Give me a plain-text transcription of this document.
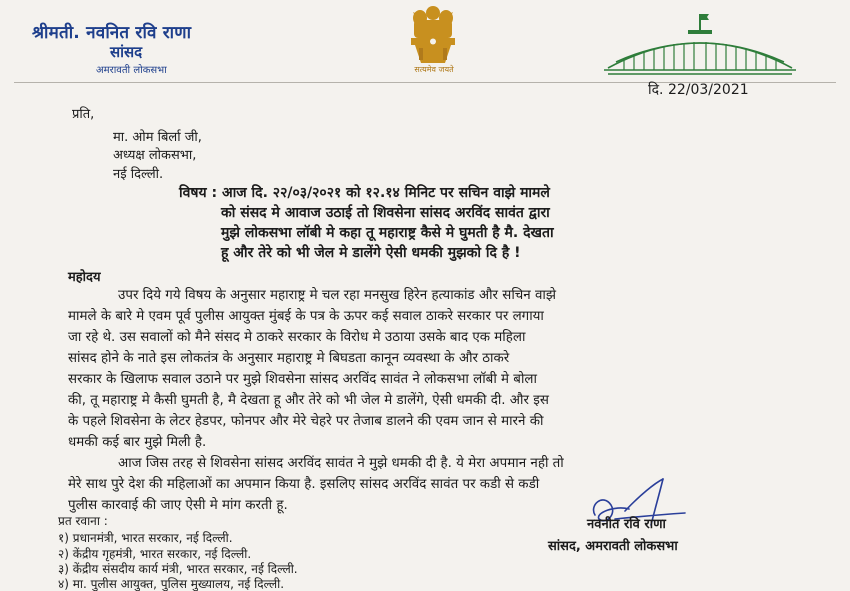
श्रीमती. नवनित रवि राणा
सांसद
अमरावती लोकसभा	सत्यमेव जयते
दि. 22/03/2021
प्रति,
मा. ओम बिर्ला जी,
अध्यक्ष लोकसभा,
नई दिल्ली.
विषय : आज दि. २२/०३/२०२१ को १२.१४ मिनिट पर सचिन वाझे मामले
को संसद मे आवाज उठाई तो शिवसेना सांसद अरविंद सावंत द्वारा
मुझे लोकसभा लॉबी मे कहा तू महाराष्ट्र कैसे मे घुमती है मै. देखता
हू और तेरे को भी जेल मे डालेंगे ऐसी धमकी मुझको दि है !
महोदय
उपर दिये गये विषय के अनुसार महाराष्ट्र मे चल रहा मनसुख हिरेन हत्याकांड और सचिन वाझे
मामले के बारे मे एवम पूर्व पुलीस आयुक्त मुंबई के पत्र के ऊपर कई सवाल ठाकरे सरकार पर लगाया
जा रहे थे. उस सवालों को मैने संसद मे ठाकरे सरकार के विरोध मे उठाया उसके बाद एक महिला
सांसद होने के नाते इस लोकतंत्र के अनुसार महाराष्ट्र मे बिघडता कानून व्यवस्था के और ठाकरे
सरकार के खिलाफ सवाल उठाने पर मुझे शिवसेना सांसद अरविंद सावंत ने लोकसभा लॉबी मे बोला
की, तू महाराष्ट्र मे कैसी घुमती है, मै देखता हू और तेरे को भी जेल मे डालेंगे, ऐसी धमकी दी. और इस
के पहले शिवसेना के लेटर हेडपर, फोनपर और मेरे चेहरे पर तेजाब डालने की एवम जान से मारने की
धमकी कई बार मुझे मिली है.
आज जिस तरह से शिवसेना सांसद अरविंद सावंत ने मुझे धमकी दी है. ये मेरा अपमान नही तो
मेरे साथ पुरे देश की महिलाओं का अपमान किया है. इसलिए सांसद अरविंद सावंत पर कडी से कडी
पुलीस कारवाई की जाए ऐसी मे मांग करती हू.
प्रत रवाना :
१) प्रधानमंत्री, भारत सरकार, नई दिल्ली.
२) केंद्रीय गृहमंत्री, भारत सरकार, नई दिल्ली.
३) केंद्रीय संसदीय कार्य मंत्री, भारत सरकार, नई दिल्ली.
४) मा. पुलीस आयुक्त, पुलिस मुख्यालय, नई दिल्ली.
नवनीत रवि राणा
सांसद, अमरावती लोकसभा
